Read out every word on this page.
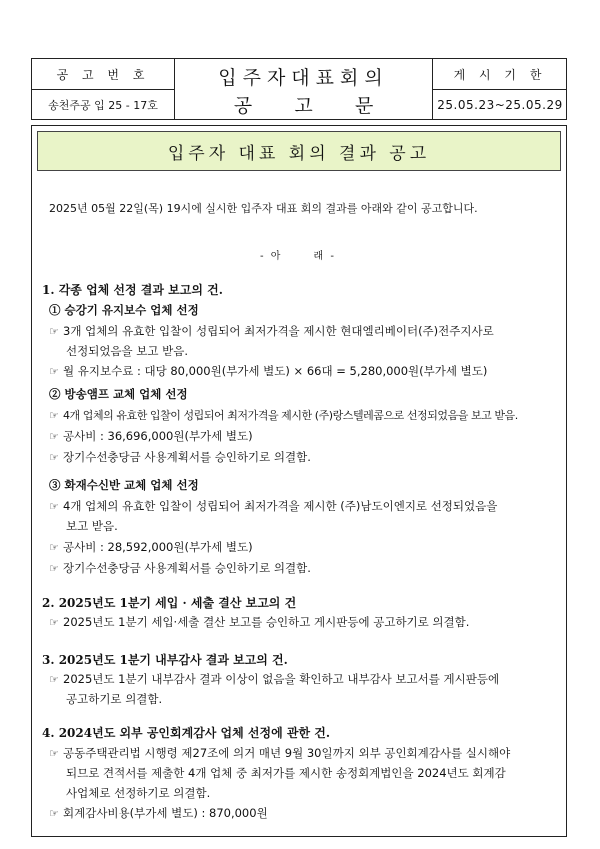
공 고 번 호
송천주공 입 25 - 17호
입주자대표회의
공       고       문
게 시 기 한
25.05.23~25.05.29
입주자 대표 회의 결과 공고
2025년 05월 22일(목) 19시에 실시한 입주자 대표 회의 결과를 아래와 같이 공고합니다.
- 아      래 -
1. 각종 업체 선정 결과 보고의 건.
① 승강기 유지보수 업체 선정
☞ 3개 업체의 유효한 입찰이 성립되어 최저가격을 제시한 현대엘리베이터(주)전주지사로
선정되었음을 보고 받음.
☞ 월 유지보수료 : 대당 80,000원(부가세 별도) × 66대 = 5,280,000원(부가세 별도)
② 방송앰프 교체 업체 선정
☞ 4개 업체의 유효한 입찰이 성립되어 최저가격을 제시한 (주)랑스텔레콤으로 선정되었음을 보고 받음.
☞ 공사비 : 36,696,000원(부가세 별도)
☞ 장기수선충당금 사용계획서를 승인하기로 의결함.
③ 화재수신반 교체 업체 선정
☞ 4개 업체의 유효한 입찰이 성립되어 최저가격을 제시한 (주)남도이엔지로 선정되었음을
보고 받음.
☞ 공사비 : 28,592,000원(부가세 별도)
☞ 장기수선충당금 사용계획서를 승인하기로 의결함.
2. 2025년도 1분기 세입 · 세출 결산 보고의 건
☞ 2025년도 1분기 세입·세출 결산 보고를 승인하고 게시판등에 공고하기로 의결함.
3. 2025년도 1분기 내부감사 결과 보고의 건.
☞ 2025년도 1분기 내부감사 결과 이상이 없음을 확인하고 내부감사 보고서를 게시판등에
공고하기로 의결함.
4. 2024년도 외부 공인회계감사 업체 선정에 관한 건.
☞ 공동주택관리법 시행령 제27조에 의거 매년 9월 30일까지 외부 공인회계감사를 실시해야
되므로 견적서를 제출한 4개 업체 중 최저가를 제시한 송정회계법인을 2024년도 회계감
사업체로 선정하기로 의결함.
☞ 회계감사비용(부가세 별도) : 870,000원
